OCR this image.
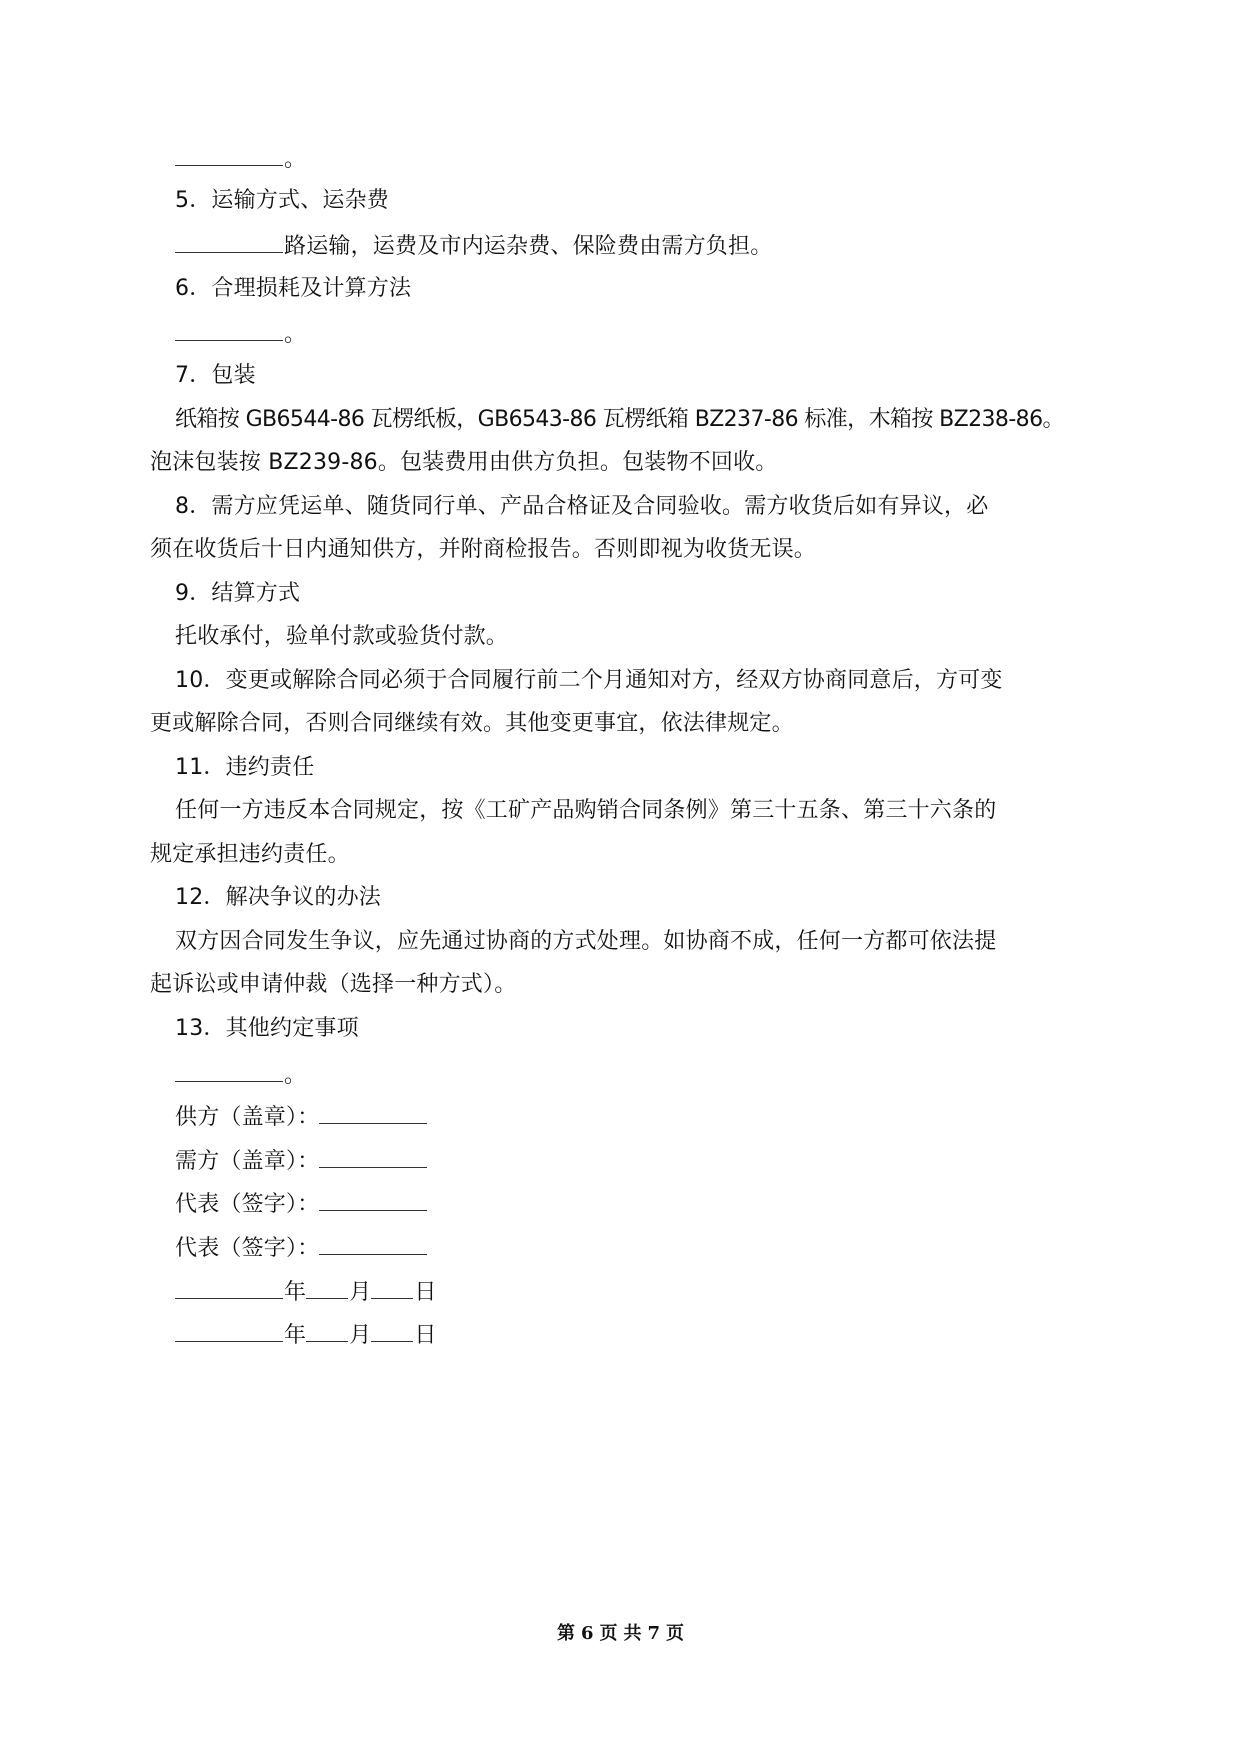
。
5．运输方式、运杂费
路运输，运费及市内运杂费、保险费由需方负担。
6．合理损耗及计算方法
。
7．包装
纸箱按 GB6544-86 瓦楞纸板，GB6543-86 瓦楞纸箱 BZ237-86 标准，木箱按 BZ238-86。
泡沫包装按 BZ239-86。包装费用由供方负担。包装物不回收。
8．需方应凭运单、随货同行单、产品合格证及合同验收。需方收货后如有异议，必
须在收货后十日内通知供方，并附商检报告。否则即视为收货无误。
9．结算方式
托收承付，验单付款或验货付款。
10．变更或解除合同必须于合同履行前二个月通知对方，经双方协商同意后，方可变
更或解除合同，否则合同继续有效。其他变更事宜，依法律规定。
11．违约责任
任何一方违反本合同规定，按《工矿产品购销合同条例》第三十五条、第三十六条的
规定承担违约责任。
12．解决争议的办法
双方因合同发生争议，应先通过协商的方式处理。如协商不成，任何一方都可依法提
起诉讼或申请仲裁（选择一种方式）。
13．其他约定事项
。
供方（盖章）：
需方（盖章）：
代表（签字）：
代表（签字）：
年 月 日
年 月 日
第 6 页 共 7 页
